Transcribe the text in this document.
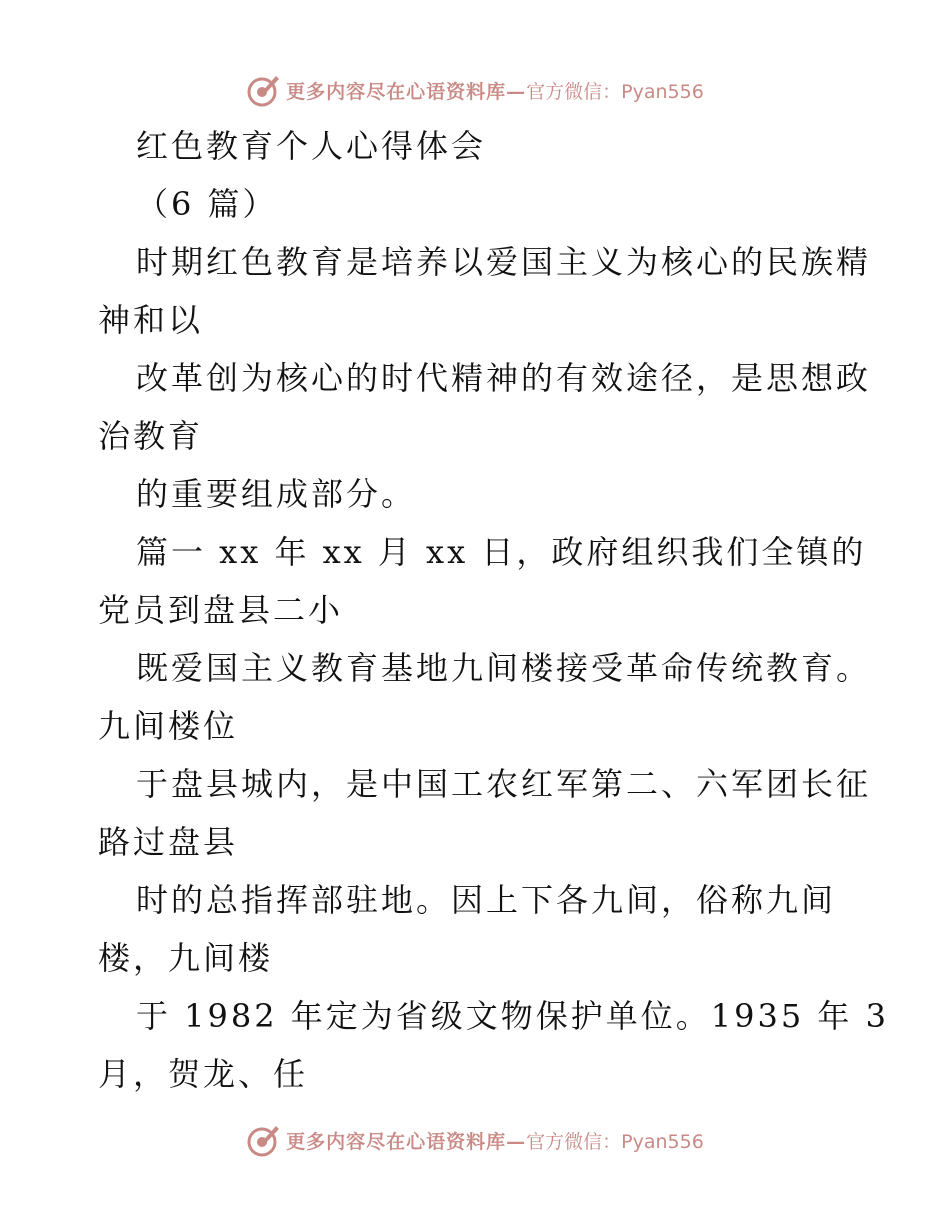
更多内容尽在心语资料库— 官方微信：Pyan556
红色教育个人心得体会
（6 篇）
时期红色教育是培养以爱国主义为核心的民族精
神和以
改革创为核心的时代精神的有效途径，是思想政
治教育
的重要组成部分。
篇一 xx 年 xx 月 xx 日，政府组织我们全镇的
党员到盘县二小
既爱国主义教育基地九间楼接受革命传统教育。
九间楼位
于盘县城内，是中国工农红军第二、六军团长征
路过盘县
时的总指挥部驻地。因上下各九间，俗称九间
楼，九间楼
于 1982 年定为省级文物保护单位。1935 年 3
月，贺龙、任
更多内容尽在心语资料库— 官方微信：Pyan556
